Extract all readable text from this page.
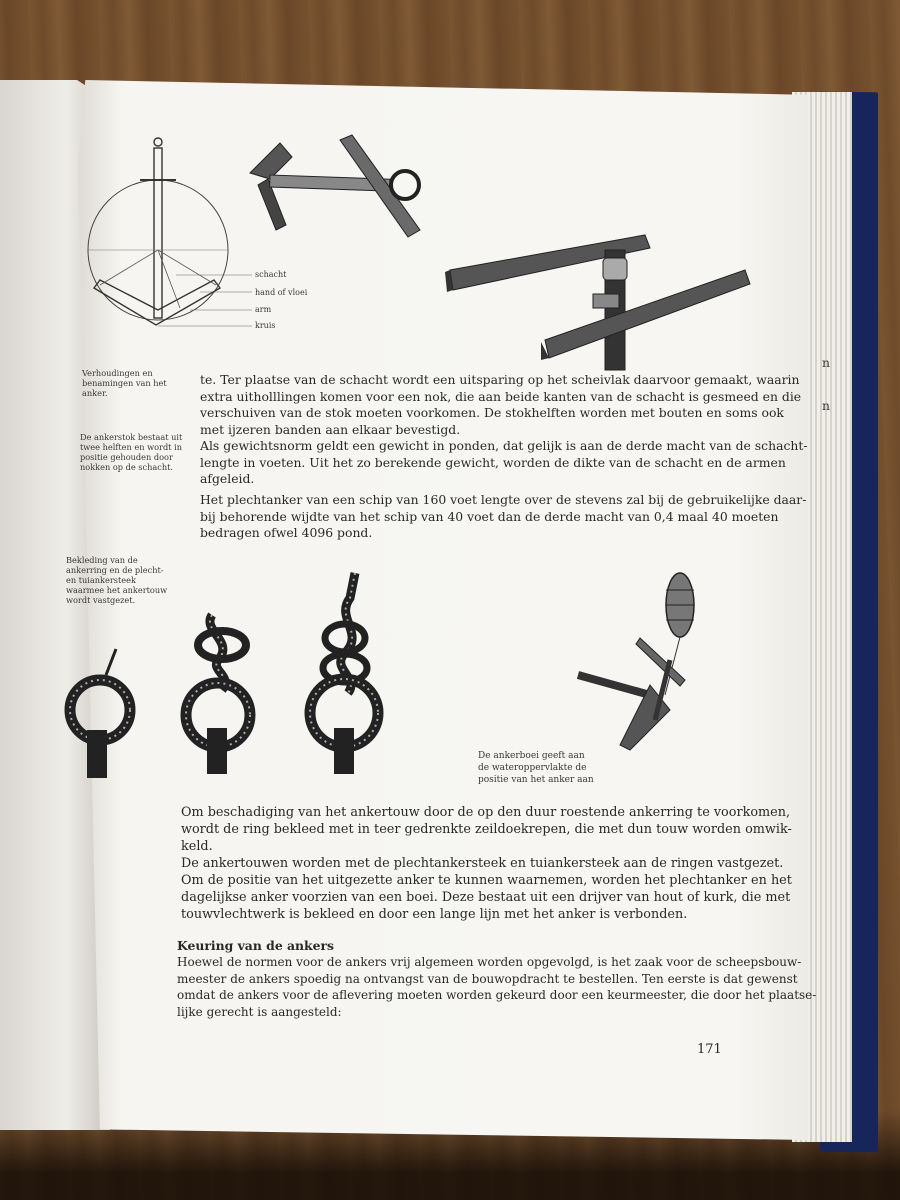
n
n
schacht
hand of vloei
arm
kruis
Verhoudingen en
benamingen van het
anker.
De ankerstok bestaat uit
twee helften en wordt in
positie gehouden door
nokken op de schacht.
Bekleding van de
ankerring en de plecht-
en tuiankersteek
waarmee het ankertouw
wordt vastgezet.
De ankerboei geeft aan
de wateroppervlakte de
positie van het anker aan
te. Ter plaatse van de schacht wordt een uitsparing op het scheivlak daarvoor gemaakt, waarin
extra uitholllingen komen voor een nok, die aan beide kanten van de schacht is gesmeed en die
verschuiven van de stok moeten voorkomen. De stokhelften worden met bouten en soms ook
met ijzeren banden aan elkaar bevestigd.
Als gewichtsnorm geldt een gewicht in ponden, dat gelijk is aan de derde macht van de schacht-
lengte in voeten. Uit het zo berekende gewicht, worden de dikte van de schacht en de armen
afgeleid.
Het plechtanker van een schip van 160 voet lengte over de stevens zal bij de gebruikelijke daar-
bij behorende wijdte van het schip van 40 voet dan de derde macht van 0,4 maal 40 moeten
bedragen ofwel 4096 pond.
Om beschadiging van het ankertouw door de op den duur roestende ankerring te voorkomen,
wordt de ring bekleed met in teer gedrenkte zeildoekrepen, die met dun touw worden omwik-
keld.
De ankertouwen worden met de plechtankersteek en tuiankersteek aan de ringen vastgezet.
Om de positie van het uitgezette anker te kunnen waarnemen, worden het plechtanker en het
dagelijkse anker voorzien van een boei. Deze bestaat uit een drijver van hout of kurk, die met
touwvlechtwerk is bekleed en door een lange lijn met het anker is verbonden.
Keuring van de ankers
Hoewel de normen voor de ankers vrij algemeen worden opgevolgd, is het zaak voor de scheepsbouw-
meester de ankers spoedig na ontvangst van de bouwopdracht te bestellen. Ten eerste is dat gewenst
omdat de ankers voor de aflevering moeten worden gekeurd door een keurmeester, die door het plaatse-
lijke gerecht is aangesteld:
171
